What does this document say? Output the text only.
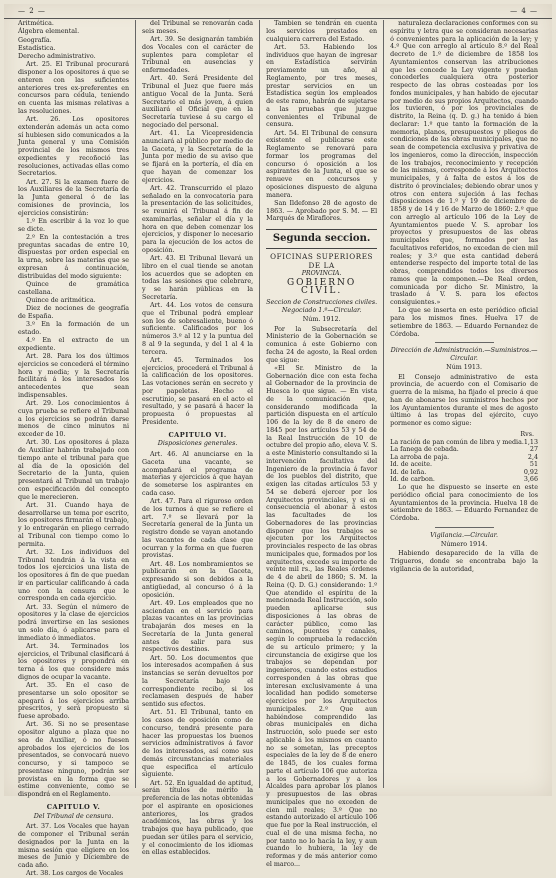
— 2 —	— 4 —

Aritmética.

Álgebra elemental.

Geografía.

Estadística.

Derecho administrativo.

Art. 25. El Tribunal procurará disponer a los opositores á que se enteren con las suficientes anteriores tres ex-preferentes en concursos para cédula, teniendo en cuenta las mismas relativas a las resoluciones.

Art. 26. Los opositores extenderán además un acta como sí hubiesen sido comunicados a la Junta general y una Comisión provincial de los mismos tres expedientes y recoñoció las resoluciones, activadas ellas como Secretarios.

Art. 27. Si la examen fuere de los Auxiliares de la Secretaría de la Junta general ó de las comisiones de provincia, los ejercicios consistirán:

1.º En escribir á la voz lo que se dicte.

2.º En la contestación a tres preguntas sacadas de entre 10, dispuestas por orden especial en la urna, sobre las materias que se expresan á continuación, distribuidas del modo siguiente:

Quince de gramática castellana.

Quince de aritmética.

Diez de nociones de geografía de España.

3.º En la formación de un estado.

4.º En el extracto de un expediente.

Art. 28. Para los dos últimos ejercicios se concederá el término hora y media; y la Secretaría facilitará á los interesados los antecedentes que sean indispensables.

Art. 29. Los conocimientos á cuya prueba se refiere el Tribunal a los ejercicios se podrán darse menos de cinco minutos ni exceder de 10.

Art. 30. Los opositores á plaza de Auxiliar habrán trabajado con tiempo ante el tribunal para que al día de la oposición del Secretario de la Junta, quien presentará al Tribunal un trabajo con especificación del concepto que le merecieren.

Art. 31. Cuando haya de desarrollarse un tema por escrito, los opositores firmarán el trabajo, y lo entregarán en pliego cerrado al Tribunal con tiempo como lo permita.

Art. 32. Los individuos del Tribunal tendrán á la vista en todos los ejercicios una lista de los opositores á fin de que puedan ir en particular calificando á cada uno con la censura que le corresponda en cada ejercicio.

Art. 33. Según el número de opositores y la clase de ejercicios podrá invertirse en las sesiones un solo día, ó aplicarse para el inmediato ó inmediatos.

Art. 34. Terminados los ejercicios, el Tribunal clasificará á los opositores y propondrá en terna á los que considere más dignos de ocupar la vacante.

Art. 35. En el caso de presentarse un solo opositor se apegará á los ejercicios arriba prescritos, y será propuesto si fuese aprobado.

Art. 36. Si no se presentase opositor alguno a plaza que no sea de Auxiliar, ó no fuesen aprobados los ejercicios de los presentados, se convocará nuevo concurso, y si tampoco se presentase ninguno, podrán ser provistas en la forma que se estime conveniente, como se dispondrá en el Reglamento.

CAPITULO V.
Del Tribunal de censura.

Art. 37. Los Vocales que hayan de componer el Tribunal serán designados por la Junta en la misma sesión que eligiere en los meses de Junio y Diciembre de cada año.

Art. 38. Los cargos de Vocales

del Tribunal se renovarán cada seis meses.

Art. 39. Se designarán también dos Vocales con el carácter de suplentes para completar el Tribunal en ausencias y enfermedades.

Art. 40. Será Presidente del Tribunal el Juez que fuere más antiguo Vocal de la Junta. Será Secretario el más joven, á quien auxiliará el Oficial que en la Secretaría tuviese á su cargo el negociado del personal.

Art. 41. La Vicepresidencia anunciará al público por medio de la Gaceta, y la Secretaría de la Junta por medio de su aviso que se fijará en la portería, el día en que hayan de comenzar los ejercicios.

Art. 42. Transcurrido el plazo señalado en la convocatoria para la presentación de las solicitudes, se reunirá el Tribunal á fin de examinarlas, señalar el día y la hora en que deben comenzar los ejercicios, y disponer lo necesario para la ejecución de los actos de oposición.

Art. 43. El Tribunal llevará un libro en el cual tiende se anotan los acuerdos que se adopten en todas las sesiones que celebrare, y se harán públicas en la Secretaría.

Art. 44. Los votos de censura que el Tribunal podrá emplear son los de sobresaliente, bueno ó suficiente. Calificados por los números 3.º al 12 y la puntua del 8 al 9 la segunda, y del 1 al 4 la tercera.

Art. 45. Terminados los ejercicios, procederá el Tribunal á la calificación de los opositores. Las votaciones serán en secreto y por papeletas. Hecho el escrutinio, se pasará en el acto el resultado, y se pasará á hacer la propuesta ó propuestas al Presidente.

CAPITULO VI.
Disposiciones generales.

Art. 46. Al anunciarse en la Gaceta una vacante, se acompañará el programa de materias y ejercicios á que hayan de someterse los aspirantes en cada caso.

Art. 47. Para el riguroso orden de los turnos á que se refiere el art. 7.º se llevará por la Secretaría general de la Junta un registro donde se vayan anotando las vacantes de cada clase que ocurran y la forma en que fueren provistas.

Art. 48. Los nombramientos se publicarán en la Gaceta, expresando si son debidos a la antigüedad, al concurso ó á la oposición.

Art. 49. Los empleados que no asciendan en el servicio para plazas vacantes en las provincias trabajarán dos meses en la Secretaría de la Junta general antes de salir para sus respectivos destinos.

Art. 50. Los documentos que los interesados acompañen á sus instancias se serán devueltos por la Secretaría bajo el correspondiente recibo, si los reclamasen después de haber sentido sus efectos.

Art. 51. El Tribunal, tanto en los casos de oposición como de concurso, tendrá presente para hacer las propuestas los buenos servicios administrativos á favor de los interesados, así como sus demás circunstancias materiales que especifica el artículo siguiente.

Art. 52. En igualdad de aptitud, serán títulos de mérito la preferencia de las notas obtenidas por el aspirante en oposiciones anteriores, los grados académicos, las obras y los trabajos que haya publicado, que puedan ser útiles para el servicio, y el conocimiento de los idiomas en ellas establecidos.

Tambien se tendrán en cuenta los servicios prestados en cualquiera carrera del Estado.

Art. 53. Habiendo los individuos que hayan de ingresar en Estadística servirán previamente un año, al Reglamento, por tres meses, prestar servicios en un Estadística según los empleados de este ramo, habrán de sujetarse a las pruebas que juzgue convenientes el Tribunal de censura.

Art. 54. El Tribunal de censura existente el publicarse este Reglamento se renovará para formar los programas del concurso ó oposición a los aspirantes de la Junta, el que se renueve en concursos y oposiciones dispuesto de alguna manera.

San Ildefonso 28 de agosto de 1863. — Aprobado por S. M. — El Marqués de Miraflores.

Segunda seccion.
OFICINAS SUPERIORES DE LA
PROVINCIA.
GOBIERNO CIVIL.
Seccion de Construcciones civiles. Negociado 1.º—Circular.
Núm. 1912.

Por la Subsecretaría del Ministerio de la Gobernación se comunica á este Gobierno con fecha 24 de agosto, la Real orden que sigue:

«El Sr. Ministro de la Gobernación dice con esta fecha al Gobernador de la provincia de Huesca lo que sigue. — En vista de la comunicación que, considerando modificada la partición dispuesta en el artículo 106 de la ley de 8 de enero de 1845 por los artículos 53 y 54 de la Real Instrucción de 10 de octubre del propio año, eleva V. S. a este Ministerio consultando si la intervención facultativa del Ingeniero de la provincia á favor de los pueblos del distrito, que exigen las citadas artículos 53 y 54 se deberá ejercer por los Arquitectos provinciales, y si en consecuencia el abonar á estos las facultades de los Gobernadores de las provincias disponer que los trabajos se ejecuten por los Arquitectos provinciales respecto de las obras municipales que, formados por los arquitectos, excede su importe de veinte mil rs., las Reales órdenes de 4 de abril de 1860; S. M. la Reina (Q. D. G.) considerando: 1.º Que atendido el espíritu de la mencionada Real Instrucción, solo pueden aplicarse sus disposiciones á las obras de carácter público, como las caminos, puentes y canales, según lo comprueba la redacción de su artículo primero; y la circunstancia de exigirse que los trabajos se dependan por ingenieros, cuando estos estudios corresponden á las obras que interesan exclusivamente á una localidad han podido someterse ejercicios por los Arquitectos municipales. 2.º Que aun habiéndose comprendido las obras municipales en dicha Instrucción, solo puede ser esto aplicable á los mismos en cuanto no se sometan, las preceptos especiales de la ley de 8 de enero de 1845, de los cuales forma parte el artículo 106 que autoriza a los Gobernadores y a los Alcaldes para aprobar los planos y presupuestos de las obras municipales que no exceden de cien mil reales; 3.º Que no estando autorizado el artículo 106 que fue por la Real instrucción, el cual el de una misma fecha, no por tanto no lo hacía la ley, y aun cuando lo hubiera, la ley de reformas y de más anterior como el marco...

naturaleza declaraciones conformes con su espíritu y letra que se consideran necesarias ó convenientes para la aplicación de la ley; y 4.º Que con arreglo al artículo 8.º del Real decreto de 1.º de diciembre de 1858 los Ayuntamientos conservan las atribuciones que les concede la Ley vigente y puedan concederles cualquiera otra posterior respecto de las obras costeadas por los fondos municipales, y han habido de ejecutar por medio de sus propios Arquitectos, cuando los tuvieren, ó por los provinciales de distrito, la Reina (q. D. g.) ha tenido á bien declarar: 1.º que tanto la formación de la memoria, planos, presupuestos y pliegos de condiciones de las obras municipales, que no sean de competencia exclusiva y privativa de los ingenieros, como la dirección, inspección de los trabajos, reconocimiento y recepción de las mismas, corresponde á los Arquitectos municipales, y á falta de estos á los de distrito ó provinciales; debiendo obrar unos y otros con entera sujeción á las fechas disposiciones de 1.º y 19 de diciembre de 1858 y de 14 y 16 de Marzo de 1860: 2.º que con arreglo al artículo 106 de la Ley de Ayuntamientos puede V. S. aprobar los proyectos y presupuestos de las obras municipales que, formados por las facultativos referidos, no excedan de cien mil reales; y 3.º que esta cantidad deberá entenderse respecto del importe total de las obras, comprendidos todos los diversos ramos que la componen.—De Real orden, comunicada por dicho Sr. Ministro, la traslado á V. S. para los efectos consiguientes.»

Lo que se inserta en este periódico oficial para los mismos fines. Huelva 17 de setiembre de 1863. — Eduardo Fernandez de Córdoba.

Dirección de Administración.—Suministros.—Circular.
Núm 1913.

El Consejo administrativo de esta provincia, de acuerdo con el Comisario de guerra de la misma, ha fijado el precio á que han de abonarse los suministros hechos por los Ayuntamientos durante el mes de agosto último á las tropas del ejército, cuyo pormenor es como sigue:

Rvs.
La ración de pan común de libra y media.	1,13
La fanega de cebada.	27
La arroba de paja.	2,4
Id. de aceite.	51
Id. de leña.	0,92
Id. de carbon.	3,66

Lo que he dispuesto se inserte en este periódico oficial para conocimiento de los Ayuntamientos de la provincia. Huelva 18 de setiembre de 1863. — Eduardo Fernandez de Córdoba.

Vigilancia.—Circular.
Número 1914.

Habiendo desaparecido de la villa de Trigueros, donde se encontraba bajo la vigilancia de la autoridad,
